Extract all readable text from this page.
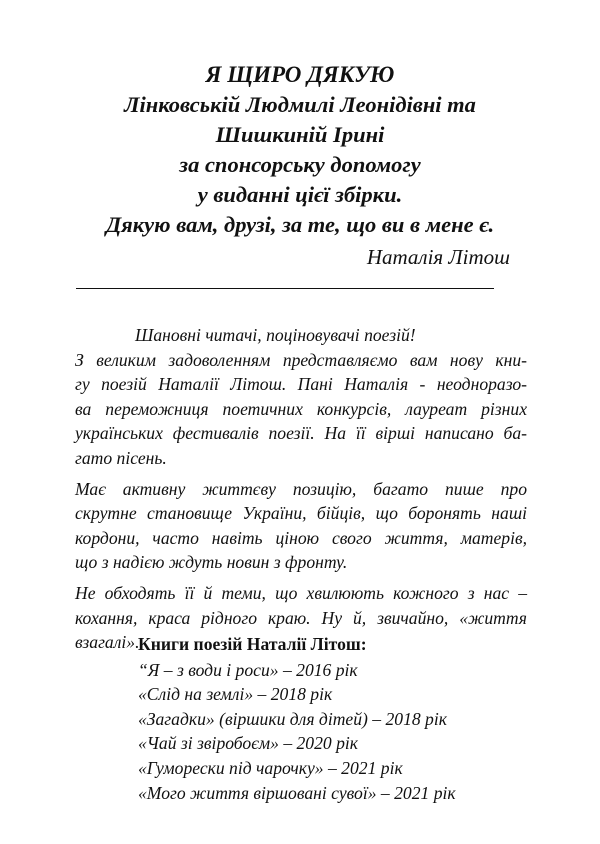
Я ЩИРО ДЯКУЮ
Лінковській Людмилі Леонідівні та
Шишкиній Ірині
за спонсорську допомогу
у виданні цієї збірки.
Дякую вам, друзі, за те, що ви в мене є.
Наталія Літош
Шановні читачі, поціновувачі поезій!
З великим задоволенням представляємо вам нову кни-
гу поезій Наталії Літош. Пані Наталія - неодноразо-
ва переможниця поетичних конкурсів, лауреат різних
українських фестивалів поезії. На її вірші написано ба-
гато пісень.
Має активну життєву позицію, багато пише про
скрутне становище України, бійців, що боронять наші
кордони, часто навіть ціною свого життя, матерів,
що з надією ждуть новин з фронту.
Не обходять її й теми, що хвилюють кожного з нас –
кохання, краса рідного краю. Ну й, звичайно, «життя
взагалі».
Книги поезій Наталії Літош:
“Я – з води і роси» – 2016 рік
«Слід на землі» – 2018 рік
«Загадки» (віршики для дітей) – 2018 рік
«Чай зі звіробоєм» – 2020 рік
«Гуморески під чарочку» – 2021 рік
«Мого життя віршовані сувої» – 2021 рік
